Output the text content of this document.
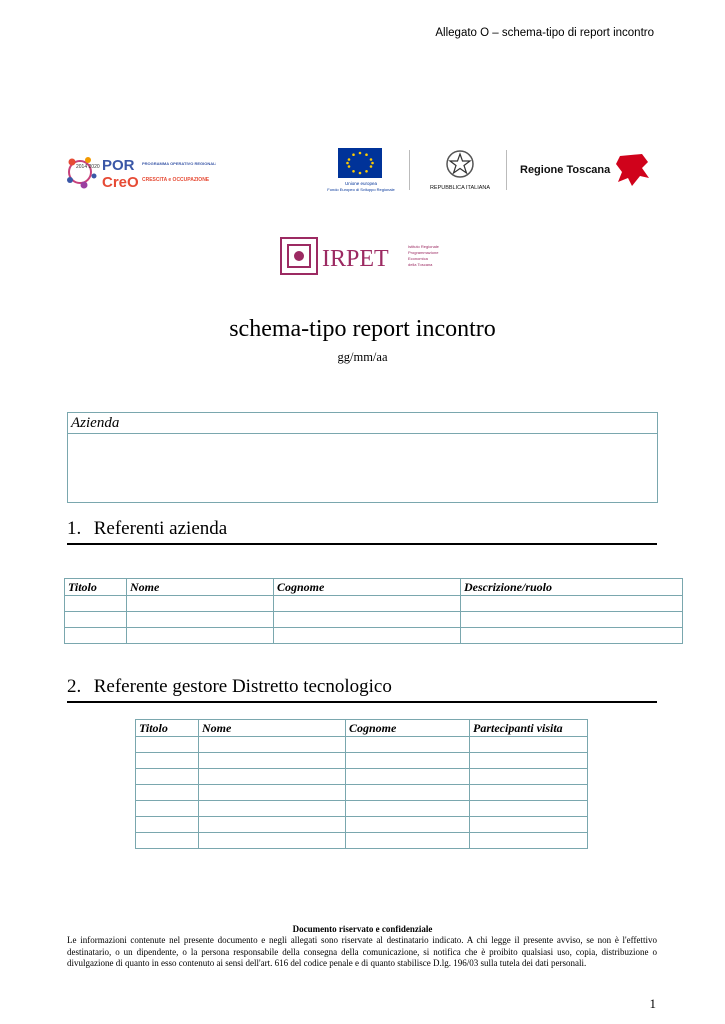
Allegato O – schema-tipo di report incontro
2014 2020 POR
CreO
PROGRAMMA OPERATIVO REGIONALE
CRESCITA e OCCUPAZIONE
Unione europea
Fondo Europeo di Sviluppo Regionale	REPUBBLICA ITALIANA
Regione Toscana
IRPET	Istituto Regionale
Programmazione
Economica
della Toscana
schema-tipo report incontro
gg/mm/aa
Azienda
1. Referenti azienda
Titolo	Nome	Cognome	Descrizione/ruolo

2. Referente gestore Distretto tecnologico
Titolo	Nome	Cognome	Partecipanti visita

Documento riservato e confidenziale
Le informazioni contenute nel presente documento e negli allegati sono riservate al destinatario indicato. A chi legge il presente avviso, se non è l'effettivo destinatario, o un dipendente, o la persona responsabile della consegna della comunicazione, si notifica che è proibito qualsiasi uso, copia, distribuzione o divulgazione di quanto in esso contenuto ai sensi dell'art. 616 del codice penale e di quanto stabilisce D.lg. 196/03 sulla tutela dei dati personali.
1
